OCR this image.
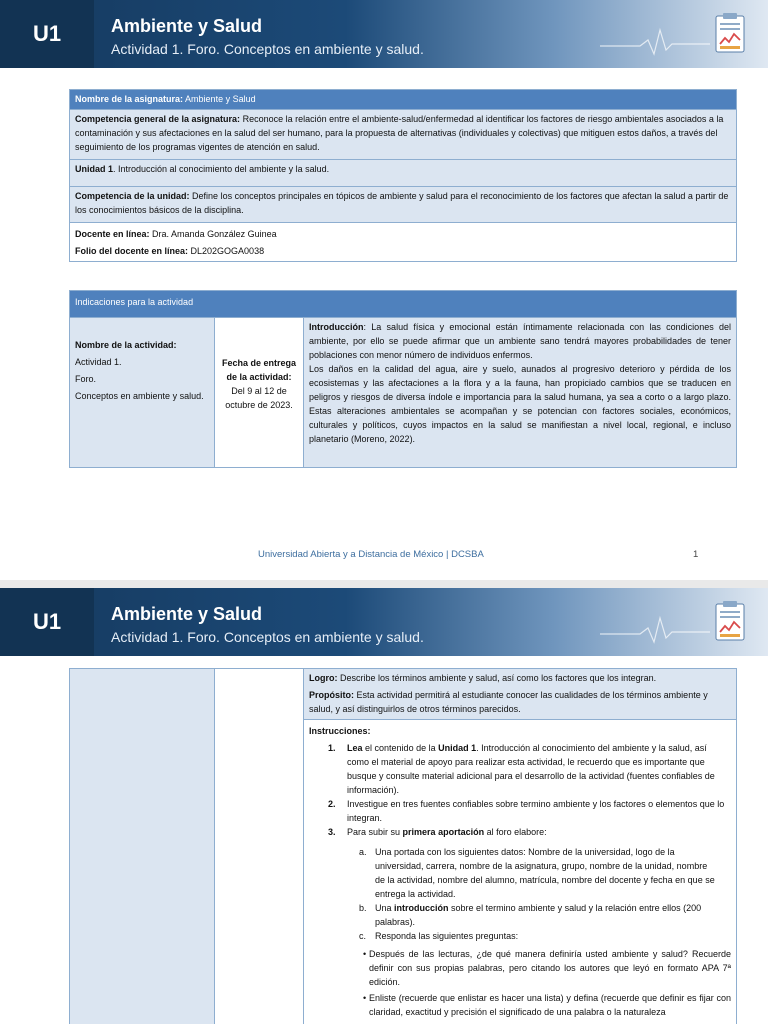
U1	Ambiente y Salud
Actividad 1. Foro. Conceptos en ambiente y salud.
Nombre de la asignatura: Ambiente y Salud
Competencia general de la asignatura: Reconoce la relación entre el ambiente-salud/enfermedad al identificar los factores de riesgo ambientales asociados a la contaminación y sus afectaciones en la salud del ser humano, para la propuesta de alternativas (individuales y colectivas) que mitiguen estos daños, a través del seguimiento de los programas vigentes de atención en salud.
Unidad 1. Introducción al conocimiento del ambiente y la salud.
Competencia de la unidad: Define los conceptos principales en tópicos de ambiente y salud para el reconocimiento de los factores que afectan la salud a partir de los conocimientos básicos de la disciplina.

Docente en línea: Dra. Amanda González Guinea
Folio del docente en línea: DL202GOGA0038
Indicaciones para la actividad
Nombre de la actividad:
Actividad 1.
Foro.
Conceptos en ambiente y salud.
	Fecha de entrega de la actividad:
Del 9 al 12 de octubre de 2023.

Introducción: La salud física y emocional están íntimamente relacionada con las condiciones del ambiente, por ello se puede afirmar que un ambiente sano tendrá mayores probabilidades de tener poblaciones con menor número de individuos enfermos.
Los daños en la calidad del agua, aire y suelo, aunados al progresivo deterioro y pérdida de los ecosistemas y las afectaciones a la flora y a la fauna, han propiciado cambios que se traducen en peligros y riesgos de diversa índole e importancia para la salud humana, ya sea a corto o a largo plazo. Estas alteraciones ambientales se acompañan y se potencian con factores sociales, económicos, culturales y políticos, cuyos impactos en la salud se manifiestan a nivel local, regional, e incluso planetario (Moreno, 2022).
Universidad Abierta y a Distancia de México | DCSBA	1
U1	Ambiente y Salud
Actividad 1. Foro. Conceptos en ambiente y salud.
Logro: Describe los términos ambiente y salud, así como los factores que los integran.
Propósito: Esta actividad permitirá al estudiante conocer las cualidades de los términos ambiente y salud, y así distinguirlos de otros términos parecidos.
Instrucciones:
1. Lea el contenido de la Unidad 1. Introducción al conocimiento del ambiente y la salud, así como el material de apoyo para realizar esta actividad, le recuerdo que es importante que busque y consulte material adicional para el desarrollo de la actividad (fuentes confiables de información).
2. Investigue en tres fuentes confiables sobre termino ambiente y los factores o elementos que lo integran.
3. Para subir su primera aportación al foro elabore:
a. Una portada con los siguientes datos: Nombre de la universidad, logo de la universidad, carrera, nombre de la asignatura, grupo, nombre de la unidad, nombre de la actividad, nombre del alumno, matrícula, nombre del docente y fecha en que se entrega la actividad.
b. Una introducción sobre el termino ambiente y salud y la relación entre ellos (200 palabras).
c. Responda las siguientes preguntas:
• Después de las lecturas, ¿de qué manera definiría usted ambiente y salud? Recuerde definir con sus propias palabras, pero citando los autores que leyó en formato APA 7ª edición.
• Enliste (recuerde que enlistar es hacer una lista) y defina (recuerde que definir es fijar con claridad, exactitud y precisión el significado de una palabra o la naturaleza
